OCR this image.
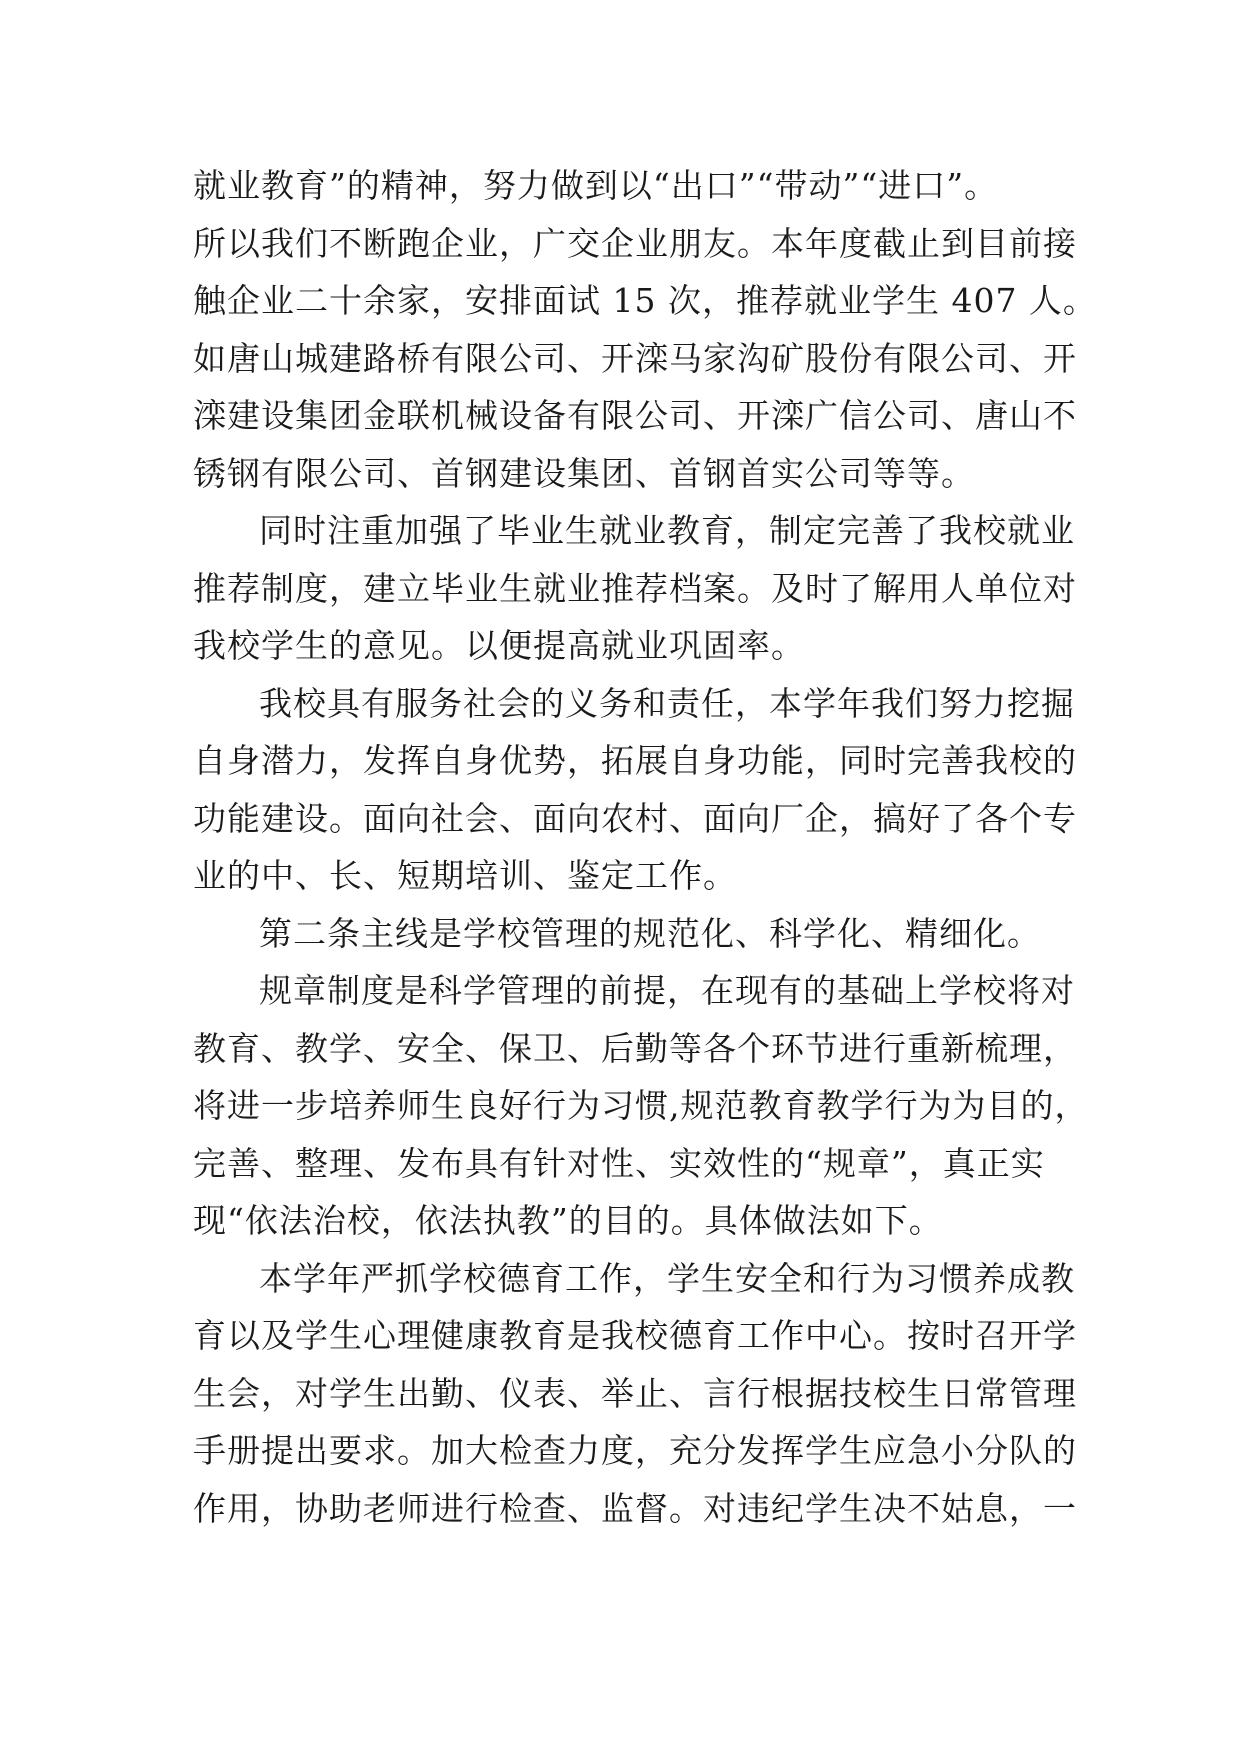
就业教育”的精神，努力做到以“出口”“带动”“进口”。
所以我们不断跑企业，广交企业朋友。本年度截止到目前接
触企业二十余家，安排面试 15 次，推荐就业学生 407 人。
如唐山城建路桥有限公司、开滦马家沟矿股份有限公司、开
滦建设集团金联机械设备有限公司、开滦广信公司、唐山不
锈钢有限公司、首钢建设集团、首钢首实公司等等。
同时注重加强了毕业生就业教育，制定完善了我校就业
推荐制度，建立毕业生就业推荐档案。及时了解用人单位对
我校学生的意见。以便提高就业巩固率。
我校具有服务社会的义务和责任，本学年我们努力挖掘
自身潜力，发挥自身优势，拓展自身功能，同时完善我校的
功能建设。面向社会、面向农村、面向厂企，搞好了各个专
业的中、长、短期培训、鉴定工作。
第二条主线是学校管理的规范化、科学化、精细化。
规章制度是科学管理的前提，在现有的基础上学校将对
教育、教学、安全、保卫、后勤等各个环节进行重新梳理，
将进一步培养师生良好行为习惯,规范教育教学行为为目的，
完善、整理、发布具有针对性、实效性的“规章”，真正实
现“依法治校，依法执教”的目的。具体做法如下。
本学年严抓学校德育工作，学生安全和行为习惯养成教
育以及学生心理健康教育是我校德育工作中心。按时召开学
生会，对学生出勤、仪表、举止、言行根据技校生日常管理
手册提出要求。加大检查力度，充分发挥学生应急小分队的
作用，协助老师进行检查、监督。对违纪学生决不姑息，一
